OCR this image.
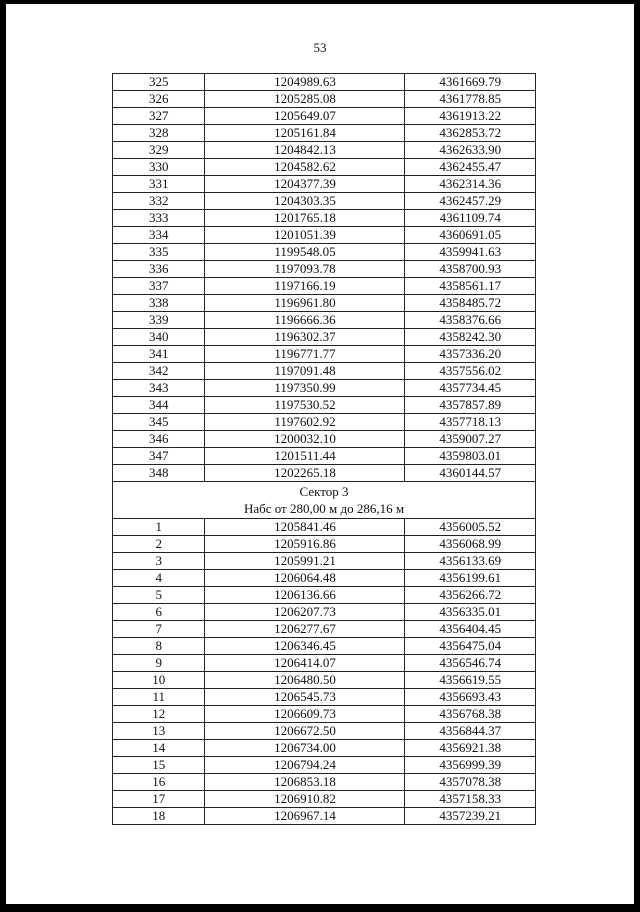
53
325	1204989.63	4361669.79
326	1205285.08	4361778.85
327	1205649.07	4361913.22
328	1205161.84	4362853.72
329	1204842.13	4362633.90
330	1204582.62	4362455.47
331	1204377.39	4362314.36
332	1204303.35	4362457.29
333	1201765.18	4361109.74
334	1201051.39	4360691.05
335	1199548.05	4359941.63
336	1197093.78	4358700.93
337	1197166.19	4358561.17
338	1196961.80	4358485.72
339	1196666.36	4358376.66
340	1196302.37	4358242.30
341	1196771.77	4357336.20
342	1197091.48	4357556.02
343	1197350.99	4357734.45
344	1197530.52	4357857.89
345	1197602.92	4357718.13
346	1200032.10	4359007.27
347	1201511.44	4359803.01
348	1202265.18	4360144.57

Сектор 3
Набс от 280,00 м до 286,16 м		

1	1205841.46	4356005.52
2	1205916.86	4356068.99
3	1205991.21	4356133.69
4	1206064.48	4356199.61
5	1206136.66	4356266.72
6	1206207.73	4356335.01
7	1206277.67	4356404.45
8	1206346.45	4356475.04
9	1206414.07	4356546.74
10	1206480.50	4356619.55
11	1206545.73	4356693.43
12	1206609.73	4356768.38
13	1206672.50	4356844.37
14	1206734.00	4356921.38
15	1206794.24	4356999.39
16	1206853.18	4357078.38
17	1206910.82	4357158.33
18	1206967.14	4357239.21
